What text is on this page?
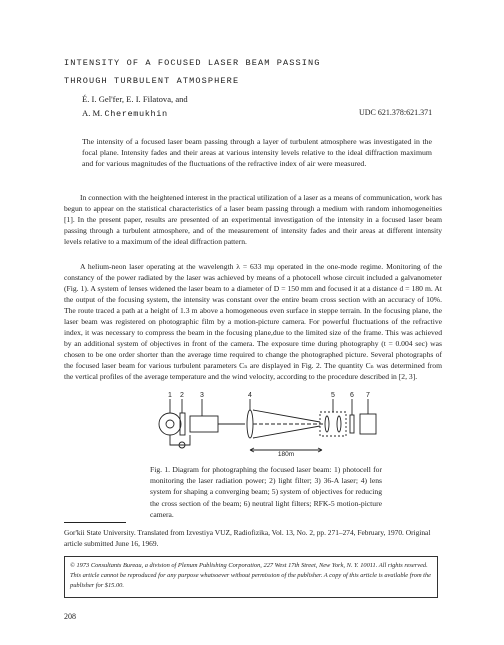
INTENSITY OF A FOCUSED LASER BEAM PASSING
THROUGH TURBULENT ATMOSPHERE
É. I. Gel'fer, E. I. Filatova, and
A. M. Cheremukhin	UDC 621.378:621.371
The intensity of a focused laser beam passing through a layer of turbulent atmosphere was investigated in the focal plane. Intensity fades and their areas at various intensity levels relative to the ideal diffraction maximum and for various magnitudes of the fluctuations of the refractive index of air were measured.
In connection with the heightened interest in the practical utilization of a laser as a means of communication, work has begun to appear on the statistical characteristics of a laser beam passing through a medium with random inhomogeneities [1]. In the present paper, results are presented of an experimental investigation of the intensity in a focused laser beam passing through a turbulent atmosphere, and of the measurement of intensity fades and their areas at different intensity levels relative to a maximum of the ideal diffraction pattern.
A helium-neon laser operating at the wavelength λ = 633 mμ operated in the one-mode regime. Monitoring of the constancy of the power radiated by the laser was achieved by means of a photocell whose circuit included a galvanometer (Fig. 1). A system of lenses widened the laser beam to a diameter of D = 150 mm and focused it at a distance d = 180 m. At the output of the focusing system, the intensity was constant over the entire beam cross section with an accuracy of 10%. The route traced a path at a height of 1.3 m above a homogeneous even surface in steppe terrain. In the focusing plane, the laser beam was registered on photographic film by a motion-picture camera. For powerful fluctuations of the refractive index, it was necessary to compress the beam in the focusing plane,due to the limited size of the frame. This was achieved by an additional system of objectives in front of the camera. The exposure time during photography (t = 0.004 sec) was chosen to be one order shorter than the average time required to change the photographed picture. Several photographs of the focused laser beam for various turbulent parameters Cₙ are displayed in Fig. 2. The quantity Cₙ was determined from the vertical profiles of the average temperature and the wind velocity, according to the procedure described in [2, 3].
1 2 3	4	5 6 7
180m
Fig. 1. Diagram for photographing the focused laser beam: 1) photocell for monitoring the laser radiation power; 2) light filter; 3) 36-A laser; 4) lens system for shaping a converging beam; 5) system of objectives for reducing the cross section of the beam; 6) neutral light filters; RFK-5 motion-picture camera.
Gor'kii State University. Translated from Izvestiya VUZ, Radiofizika, Vol. 13, No. 2, pp. 271–274, February, 1970. Original article submitted June 16, 1969.
© 1973 Consultants Bureau, a division of Plenum Publishing Corporation, 227 West 17th Street, New York, N. Y. 10011. All rights reserved. This article cannot be reproduced for any purpose whatsoever without permission of the publisher. A copy of this article is available from the publisher for $15.00.
208
